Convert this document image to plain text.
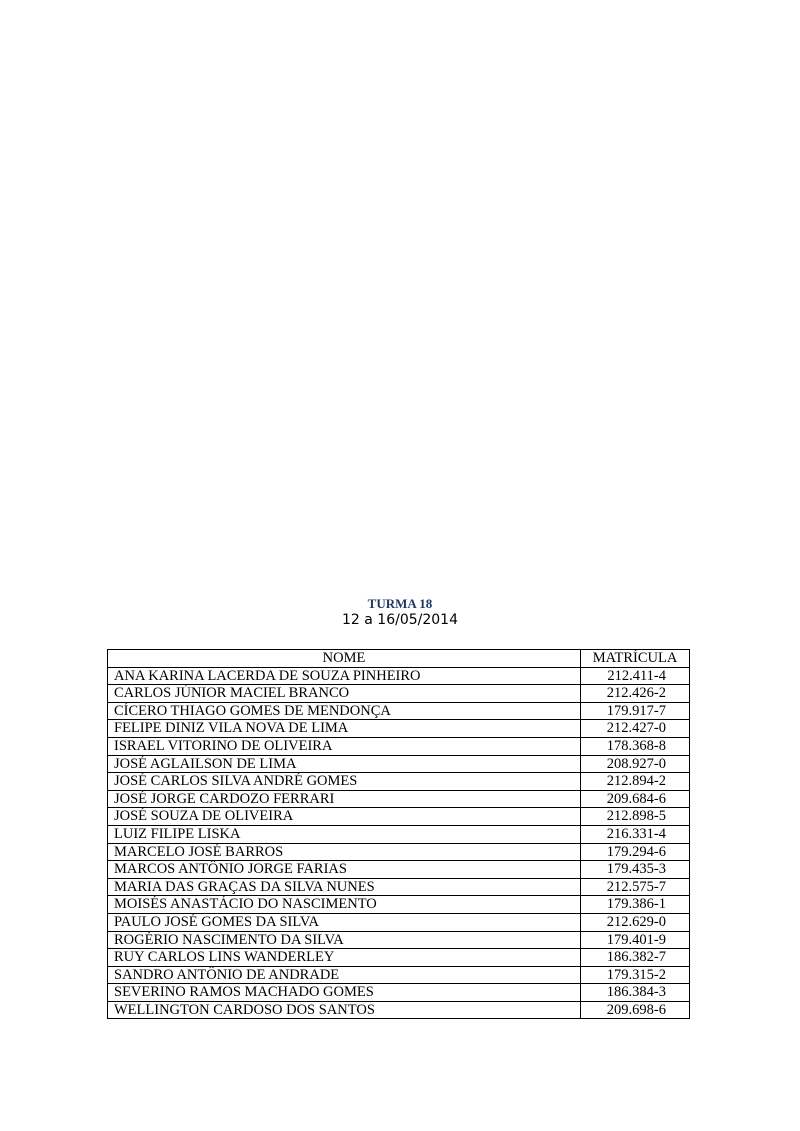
TURMA 18
12 a 16/05/2014
NOME	MATRÍCULA
ANA KARINA LACERDA DE SOUZA PINHEIRO	212.411-4
CARLOS JÚNIOR MACIEL BRANCO	212.426-2
CÍCERO THIAGO GOMES DE MENDONÇA	179.917-7
FELIPE DINIZ VILA NOVA DE LIMA	212.427-0
ISRAEL VITORINO DE OLIVEIRA	178.368-8
JOSÉ AGLAILSON DE LIMA	208.927-0
JOSÉ CARLOS SILVA ANDRÉ GOMES	212.894-2
JOSÉ JORGE CARDOZO FERRARI	209.684-6
JOSÉ SOUZA DE OLIVEIRA	212.898-5
LUIZ FILIPE LISKA	216.331-4
MARCELO JOSÉ BARROS	179.294-6
MARCOS ANTÔNIO JORGE FARIAS	179.435-3
MARIA DAS GRAÇAS DA SILVA NUNES	212.575-7
MOISÉS ANASTÁCIO DO NASCIMENTO	179.386-1
PAULO JOSÉ GOMES DA SILVA	212.629-0
ROGÉRIO NASCIMENTO DA SILVA	179.401-9
RUY CARLOS LINS WANDERLEY	186.382-7
SANDRO ANTÔNIO DE ANDRADE	179.315-2
SEVERINO RAMOS MACHADO GOMES	186.384-3
WELLINGTON CARDOSO DOS SANTOS	209.698-6
